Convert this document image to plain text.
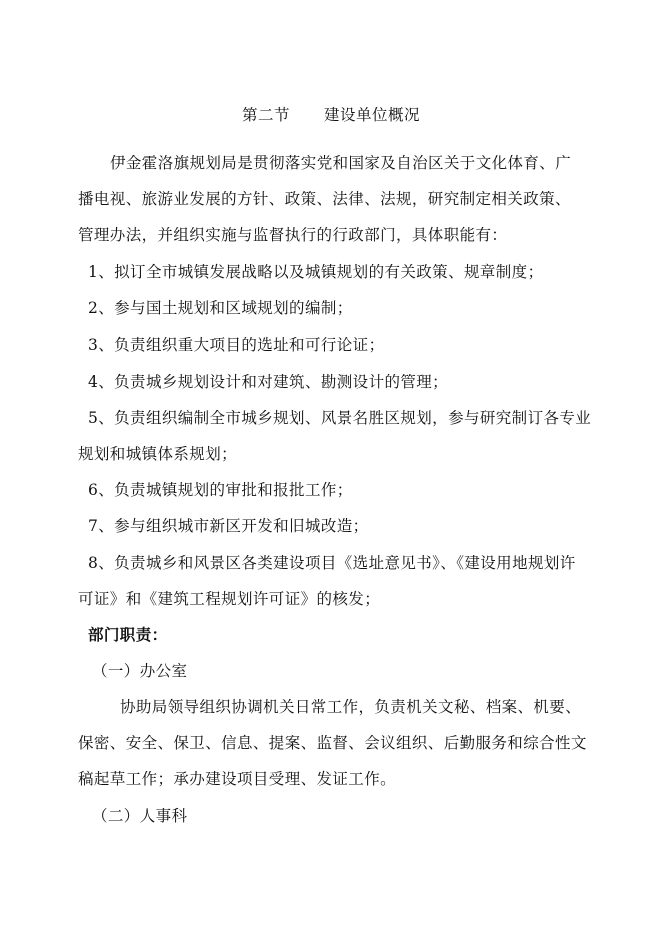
第二节 建设单位概况
伊金霍洛旗规划局是贯彻落实党和国家及自治区关于文化体育、广
播电视、旅游业发展的方针、政策、法律、法规，研究制定相关政策、
管理办法，并组织实施与监督执行的行政部门，具体职能有：
1、拟订全市城镇发展战略以及城镇规划的有关政策、规章制度；
2、参与国土规划和区域规划的编制；
3、负责组织重大项目的选址和可行论证；
4、负责城乡规划设计和对建筑、勘测设计的管理；
5、负责组织编制全市城乡规划、风景名胜区规划，参与研究制订各专业
规划和城镇体系规划；
6、负责城镇规划的审批和报批工作；
7、参与组织城市新区开发和旧城改造；
8、负责城乡和风景区各类建设项目《选址意见书》、《建设用地规划许
可证》和《建筑工程规划许可证》的核发；
部门职责：
（一）办公室
协助局领导组织协调机关日常工作，负责机关文秘、档案、机要、
保密、安全、保卫、信息、提案、监督、会议组织、后勤服务和综合性文
稿起草工作；承办建设项目受理、发证工作。
（二）人事科
